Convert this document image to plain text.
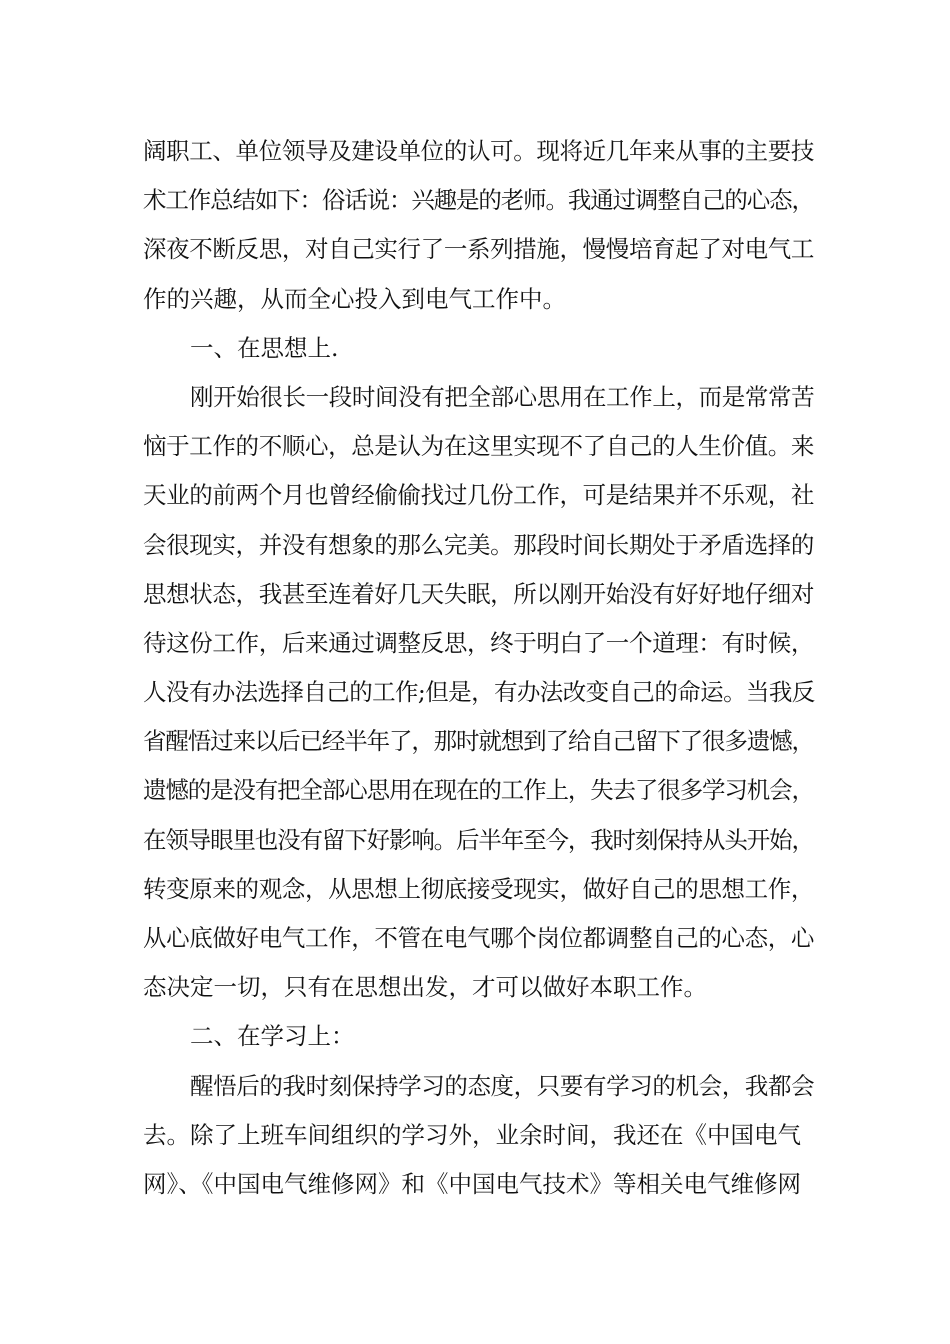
阔职工、单位领导及建设单位的认可。现将近几年来从事的主要技
术工作总结如下：俗话说：兴趣是的老师。我通过调整自己的心态，
深夜不断反思，对自己实行了一系列措施，慢慢培育起了对电气工
作的兴趣，从而全心投入到电气工作中。
一、在思想上.
刚开始很长一段时间没有把全部心思用在工作上，而是常常苦
恼于工作的不顺心，总是认为在这里实现不了自己的人生价值。来
天业的前两个月也曾经偷偷找过几份工作，可是结果并不乐观，社
会很现实，并没有想象的那么完美。那段时间长期处于矛盾选择的
思想状态，我甚至连着好几天失眠，所以刚开始没有好好地仔细对
待这份工作，后来通过调整反思，终于明白了一个道理：有时候，
人没有办法选择自己的工作;但是，有办法改变自己的命运。当我反
省醒悟过来以后已经半年了，那时就想到了给自己留下了很多遗憾，
遗憾的是没有把全部心思用在现在的工作上，失去了很多学习机会，
在领导眼里也没有留下好影响。后半年至今，我时刻保持从头开始，
转变原来的观念，从思想上彻底接受现实，做好自己的思想工作，
从心底做好电气工作，不管在电气哪个岗位都调整自己的心态，心
态决定一切，只有在思想出发，才可以做好本职工作。
二、在学习上：
醒悟后的我时刻保持学习的态度，只要有学习的机会，我都会
去。除了上班车间组织的学习外，业余时间，我还在《中国电气
网》、《中国电气维修网》和《中国电气技术》等相关电气维修网
